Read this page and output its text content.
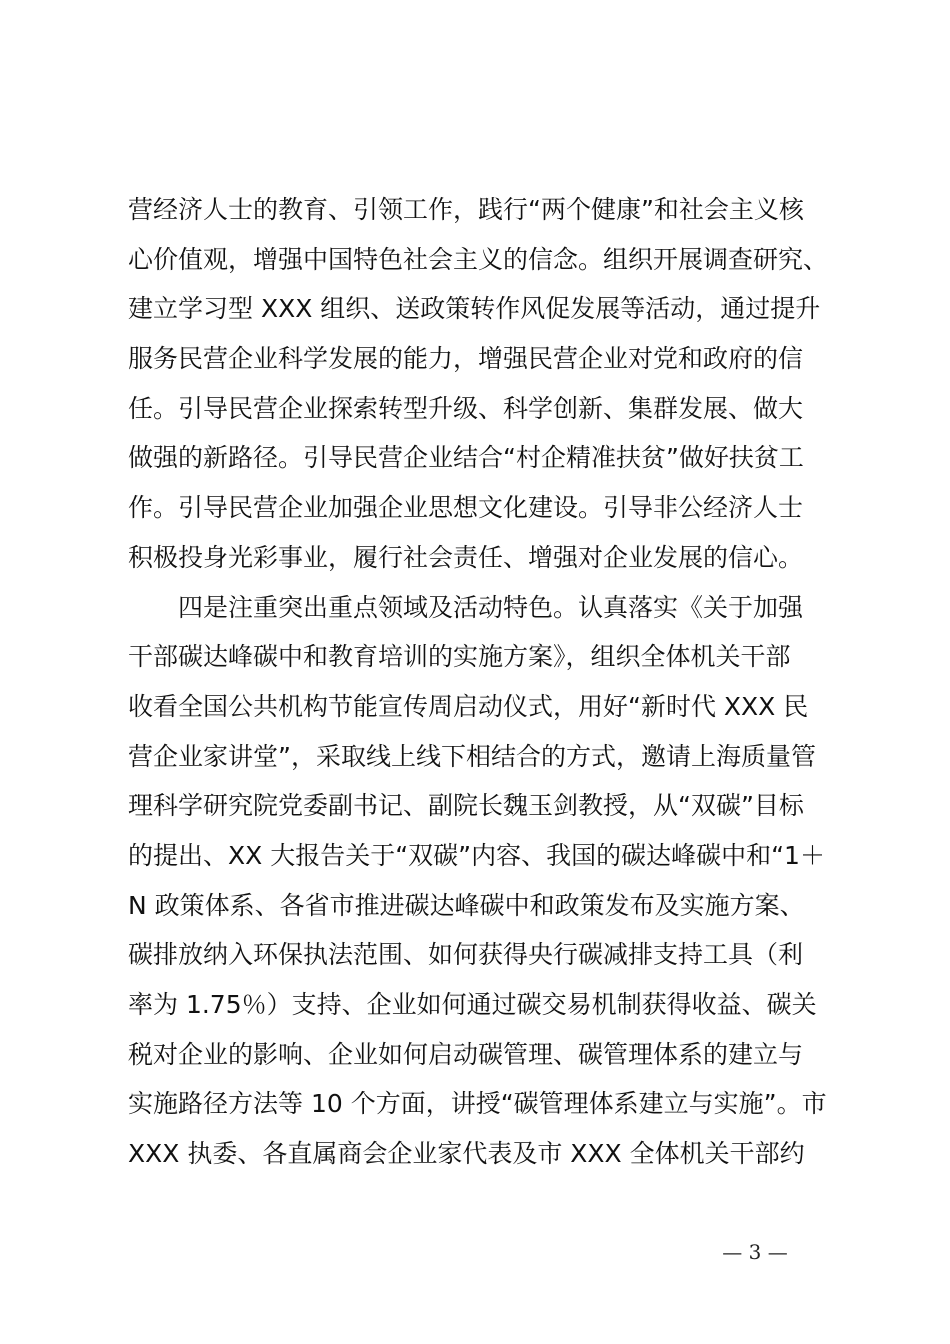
营经济人士的教育、引领工作，践行“两个健康”和社会主义核
心价值观，增强中国特色社会主义的信念。组织开展调查研究、
建立学习型 XXX 组织、送政策转作风促发展等活动，通过提升
服务民营企业科学发展的能力，增强民营企业对党和政府的信
任。引导民营企业探索转型升级、科学创新、集群发展、做大
做强的新路径。引导民营企业结合“村企精准扶贫”做好扶贫工
作。引导民营企业加强企业思想文化建设。引导非公经济人士
积极投身光彩事业，履行社会责任、增强对企业发展的信心。
四是注重突出重点领域及活动特色。认真落实《关于加强
干部碳达峰碳中和教育培训的实施方案》，组织全体机关干部
收看全国公共机构节能宣传周启动仪式，用好“新时代 XXX 民
营企业家讲堂”，采取线上线下相结合的方式，邀请上海质量管
理科学研究院党委副书记、副院长魏玉剑教授，从“双碳”目标
的提出、XX 大报告关于“双碳”内容、我国的碳达峰碳中和“1＋
N 政策体系、各省市推进碳达峰碳中和政策发布及实施方案、
碳排放纳入环保执法范围、如何获得央行碳减排支持工具（利
率为 1.75％）支持、企业如何通过碳交易机制获得收益、碳关
税对企业的影响、企业如何启动碳管理、碳管理体系的建立与
实施路径方法等 10 个方面，讲授“碳管理体系建立与实施”。市
XXX 执委、各直属商会企业家代表及市 XXX 全体机关干部约
— 3 —
